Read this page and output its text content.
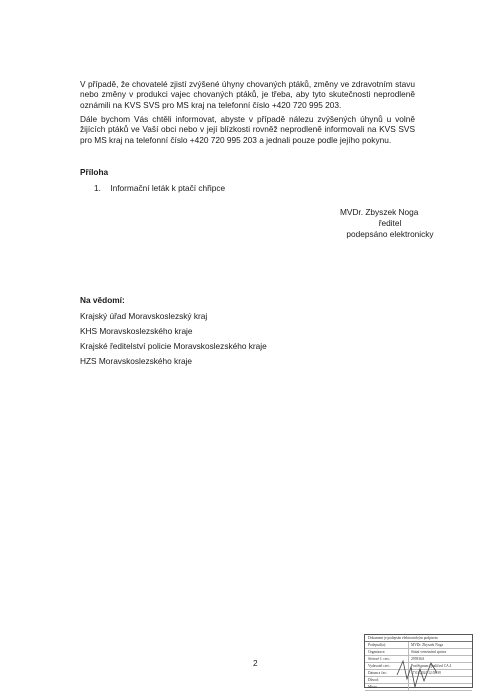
V případě, že chovatelé zjistí zvýšené úhyny chovaných ptáků, změny ve zdravotním stavu nebo změny v produkci vajec chovaných ptáků, je třeba, aby tyto skutečnosti neprodleně oznámili na KVS SVS pro MS kraj na telefonní číslo +420 720 995 203.

Dále bychom Vás chtěli informovat, abyste v případě nálezu zvýšených úhynů u volně žijících ptáků ve Vaší obci nebo v její blízkosti rovněž neprodleně informovali na KVS SVS pro MS kraj na telefonní číslo +420 720 995 203 a jednali pouze podle jejího pokynu.

Příloha
1. Informační leták k ptačí chřipce
MVDr. Zbyszek Noga
ředitel
podepsáno elektronicky
Na vědomí:
Krajský úřad Moravskoslezský kraj
KHS Moravskoslezského kraje
Krajské ředitelství policie Moravskoslezského kraje
HZS Moravskoslezského kraje
2
Dokument je podepsán elektronickým podpisem
Podepsal(a):	MVDr. Zbyszek Noga
Organizace:	Státní veterinární správa
Sériové č. cert.:	295936A
Vydavatel cert.:	PostSignum Qualified CA 4
Datum a čas:	17.01.2024 12:58:39
Důvod:
Místo:
